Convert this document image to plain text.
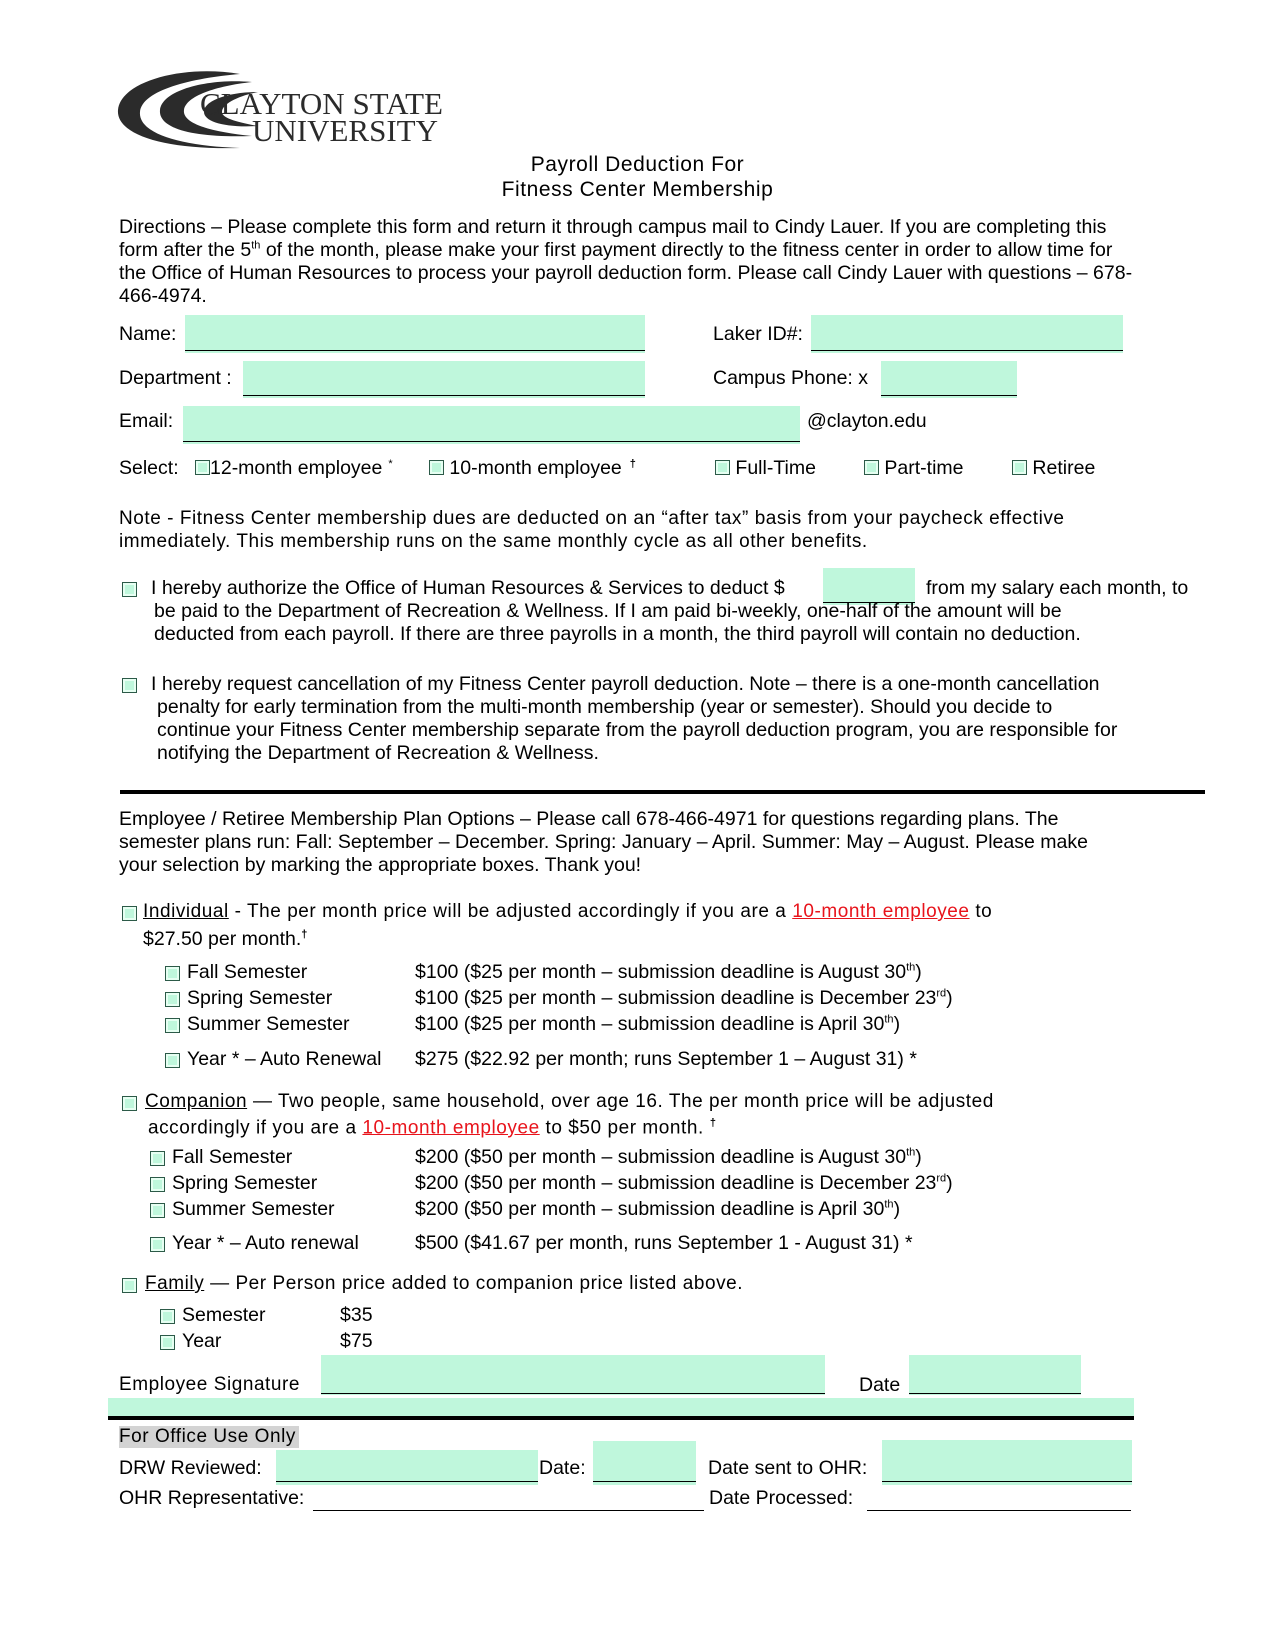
CLAYTON STATE
UNIVERSITY
Payroll Deduction For
Fitness Center Membership
Directions – Please complete this form and return it through campus mail to Cindy Lauer. If you are completing this
form after the 5th of the month, please make your first payment directly to the fitness center in order to allow time for
the Office of Human Resources to process your payroll deduction form. Please call Cindy Lauer with questions – 678-
466-4974.
Name:	Laker ID#:
Department :	Campus Phone: x
Email:	@clayton.edu
Select:	12-month employee *	10-month employee †	Full-Time	Part-time	Retiree
Note - Fitness Center membership dues are deducted on an “after tax” basis from your paycheck effective
immediately. This membership runs on the same monthly cycle as all other benefits.
I hereby authorize the Office of Human Resources & Services to deduct $	from my salary each month, to
be paid to the Department of Recreation & Wellness. If I am paid bi-weekly, one-half of the amount will be
deducted from each payroll. If there are three payrolls in a month, the third payroll will contain no deduction.
I hereby request cancellation of my Fitness Center payroll deduction. Note – there is a one-month cancellation
penalty for early termination from the multi-month membership (year or semester). Should you decide to
continue your Fitness Center membership separate from the payroll deduction program, you are responsible for
notifying the Department of Recreation & Wellness.
Employee / Retiree Membership Plan Options – Please call 678-466-4971 for questions regarding plans. The
semester plans run: Fall: September – December. Spring: January – April. Summer: May – August. Please make
your selection by marking the appropriate boxes. Thank you!
Individual - The per month price will be adjusted accordingly if you are a 10-month employee to
$27.50 per month.†
Fall Semester	$100 ($25 per month – submission deadline is August 30th)
Spring Semester	$100 ($25 per month – submission deadline is December 23rd)
Summer Semester	$100 ($25 per month – submission deadline is April 30th)
Year * – Auto Renewal $275 ($22.92 per month; runs September 1 – August 31) *
Companion — Two people, same household, over age 16. The per month price will be adjusted
accordingly if you are a 10-month employee to $50 per month. †
Fall Semester	$200 ($50 per month – submission deadline is August 30th)
Spring Semester	$200 ($50 per month – submission deadline is December 23rd)
Summer Semester	$200 ($50 per month – submission deadline is April 30th)
Year * – Auto renewal	$500 ($41.67 per month, runs September 1 - August 31) *
Family — Per Person price added to companion price listed above.
Semester	$35
Year	$75
Employee Signature	Date
For Office Use Only
DRW Reviewed:	Date:	Date sent to OHR:
OHR Representative:	Date Processed:
